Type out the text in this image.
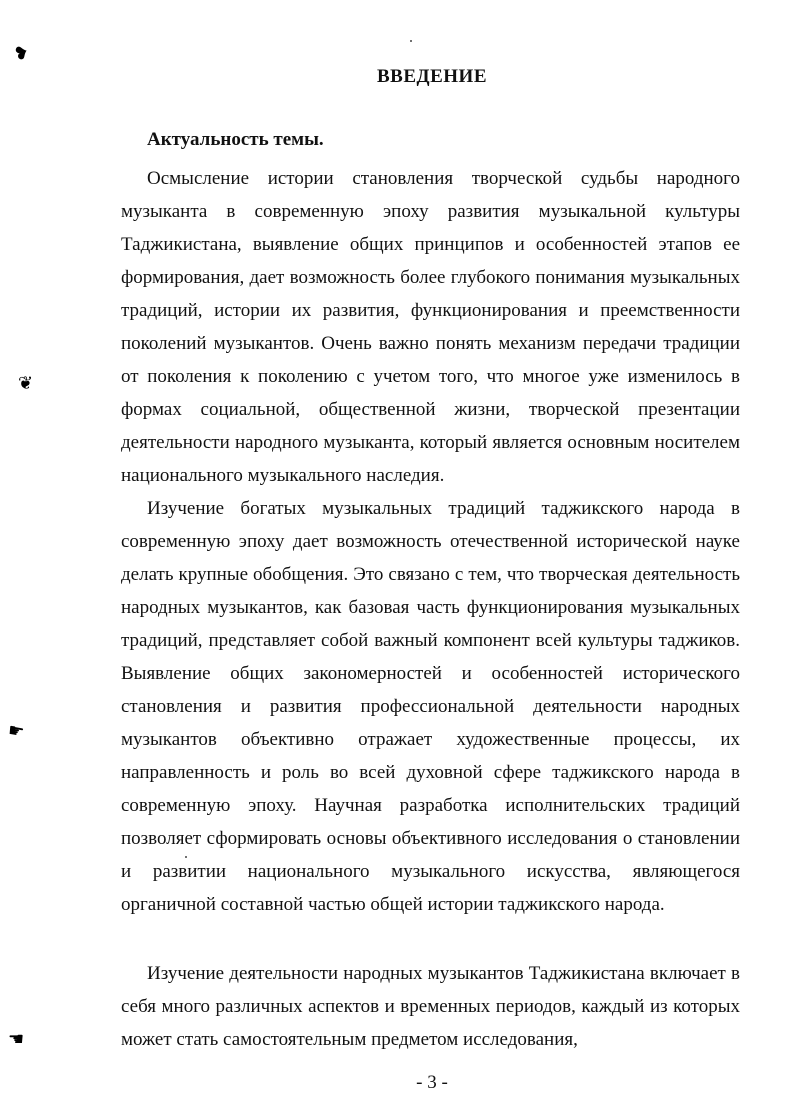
❥
❦
☛
☛
ВВЕДЕНИЕ
Актуальность темы.

Осмысление истории становления творческой судьбы народного музыканта в современную эпоху развития музыкальной культуры Таджикистана, выявление общих принципов и особенностей этапов ее формирования, дает возможность более глубокого понимания музыкальных традиций, истории их развития, функционирования и преемственности поколений музыкантов. Очень важно понять механизм передачи традиции от поколения к поколению с учетом того, что многое уже изменилось в формах социальной, общественной жизни, творческой презентации деятельности народного музыканта, который является основным носителем национального музыкального наследия.

Изучение богатых музыкальных традиций таджикского народа в современную эпоху дает возможность отечественной исторической науке делать крупные обобщения. Это связано с тем, что творческая деятельность народных музыкантов, как базовая часть функционирования музыкальных традиций, представляет собой важный компонент всей культуры таджиков. Выявление общих закономерностей и особенностей исторического становления и развития профессиональной деятельности народных музыкантов объективно отражает художественные процессы, их направленность и роль во всей духовной сфере таджикского народа в современную эпоху. Научная разработка исполнительских традиций позволяет сформировать основы объективного исследования о становлении и развитии национального музыкального искусства, являющегося органичной составной частью общей истории таджикского народа.

Изучение деятельности народных музыкантов Таджикистана включает в себя много различных аспектов и временных периодов, каждый из которых может стать самостоятельным предметом исследования,

- 3 -
